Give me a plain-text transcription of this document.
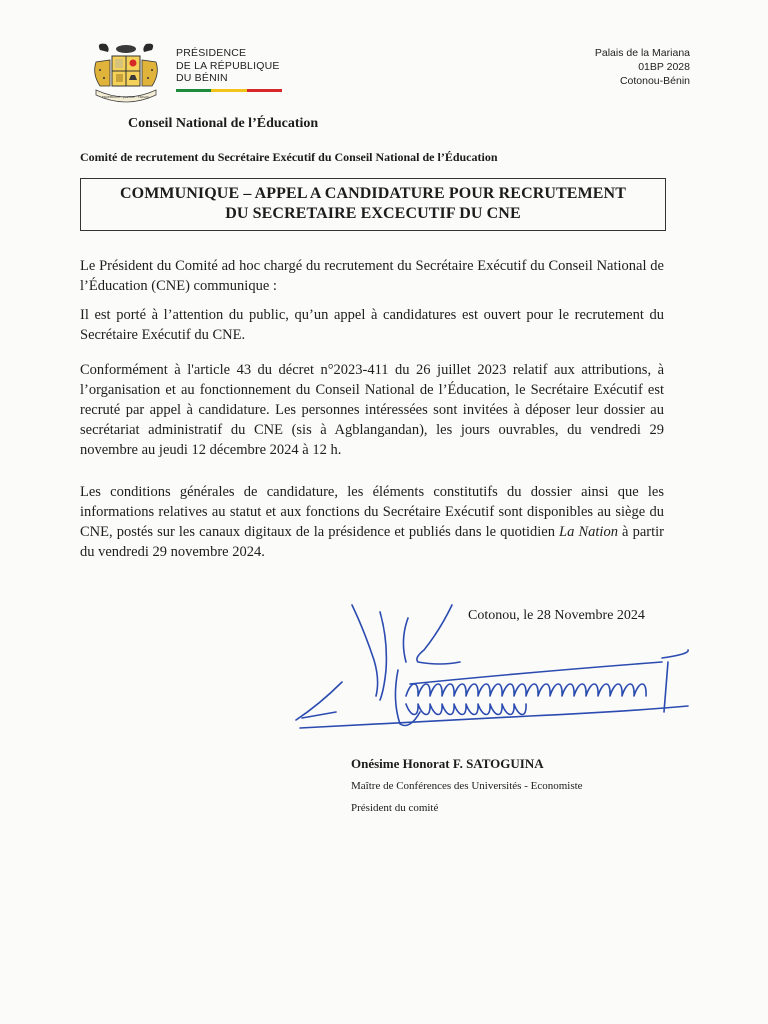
FRATERNITÉ · JUSTICE · TRAVAIL
PRÉSIDENCE
DE LA RÉPUBLIQUE
DU BÉNIN
Palais de la Mariana
01BP 2028
Cotonou-Bénin
Conseil National de l’Éducation
Comité de recrutement du Secrétaire Exécutif du Conseil National de l’Éducation
COMMUNIQUE – APPEL A CANDIDATURE POUR RECRUTEMENT
DU SECRETAIRE EXCECUTIF DU CNE
Le Président du Comité ad hoc chargé du recrutement du Secrétaire Exécutif du Conseil National de l’Éducation (CNE) communique :
Il est porté à l’attention du public, qu’un appel à candidatures est ouvert pour le recrutement du Secrétaire Exécutif du CNE.
Conformément à l'article 43 du décret n°2023-411 du 26 juillet 2023 relatif aux attributions, à l’organisation et au fonctionnement du Conseil National de l’Éducation, le Secrétaire Exécutif est recruté par appel à candidature. Les personnes intéressées sont invitées à déposer leur dossier au secrétariat administratif du CNE (sis à Agblangandan), les jours ouvrables, du vendredi 29 novembre au jeudi 12 décembre 2024 à 12 h.
Les conditions générales de candidature, les éléments constitutifs du dossier ainsi que les informations relatives au statut et aux fonctions du Secrétaire Exécutif sont disponibles au siège du CNE, postés sur les canaux digitaux de la présidence et publiés dans le quotidien La Nation à partir du vendredi 29 novembre 2024.
Cotonou, le 28 Novembre 2024
Onésime Honorat F. SATOGUINA
Maître de Conférences des Universités - Economiste
Président du comité
